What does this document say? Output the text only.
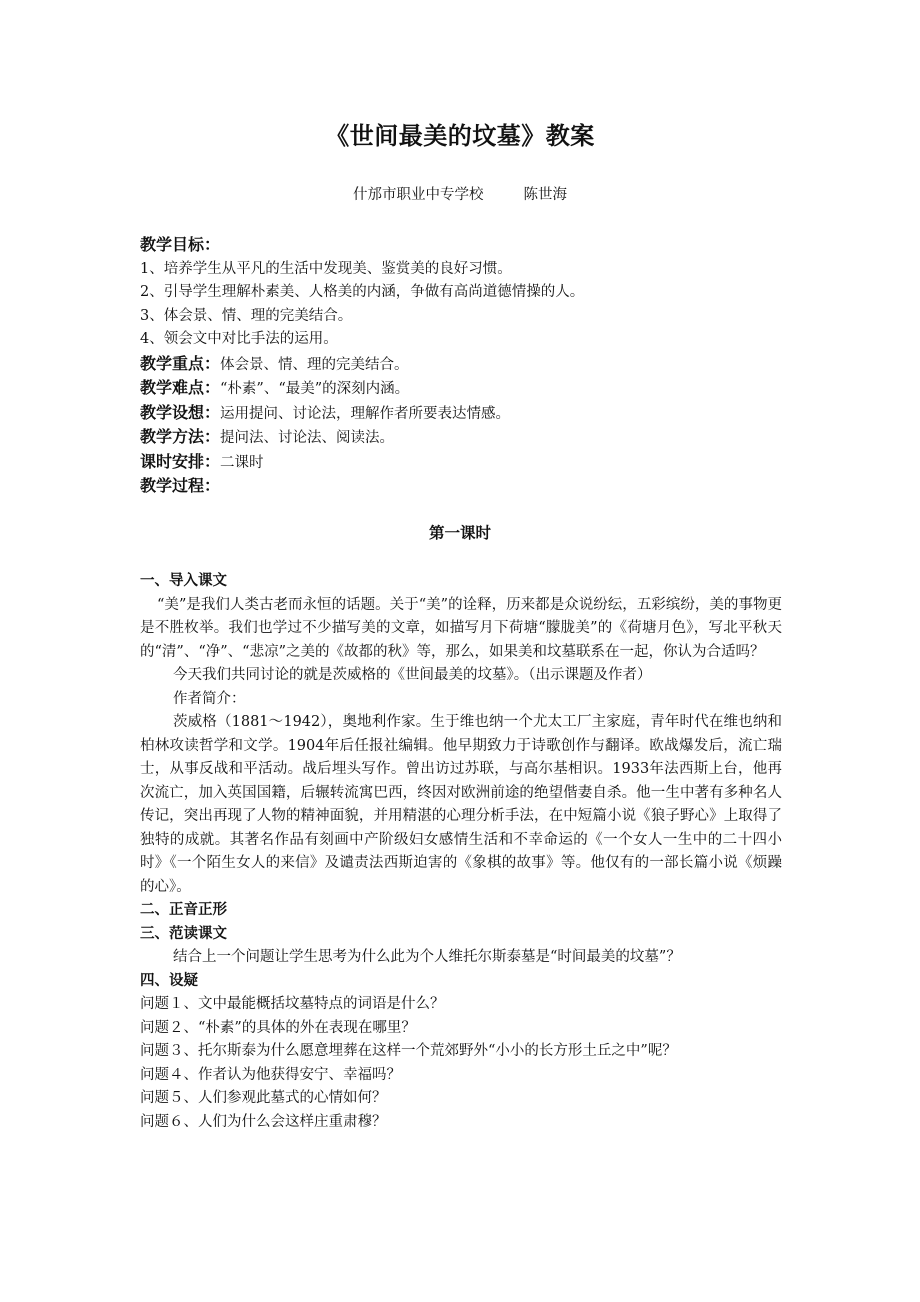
《世间最美的坟墓》教案
什邡市职业中专学校	陈世海
教学目标：
1、培养学生从平凡的生活中发现美、鉴赏美的良好习惯。
2、引导学生理解朴素美、人格美的内涵，争做有高尚道德情操的人。
3、体会景、情、理的完美结合。
4、领会文中对比手法的运用。
教学重点：体会景、情、理的完美结合。
教学难点：“朴素”、“最美”的深刻内涵。
教学设想：运用提问、讨论法，理解作者所要表达情感。
教学方法：提问法、讨论法、阅读法。
课时安排：二课时
教学过程：
第一课时
一、导入课文

“美”是我们人类古老而永恒的话题。关于“美”的诠释，历来都是众说纷纭，五彩缤纷，美的事物更是不胜枚举。我们也学过不少描写美的文章，如描写月下荷塘“朦胧美”的《荷塘月色》，写北平秋天的“清”、“净”、“悲凉”之美的《故都的秋》等，那么，如果美和坟墓联系在一起，你认为合适吗？

今天我们共同讨论的就是茨威格的《世间最美的坟墓》。（出示课题及作者）

作者简介：

茨威格（1881～1942），奥地利作家。生于维也纳一个尤太工厂主家庭，青年时代在维也纳和柏林攻读哲学和文学。1904年后任报社编辑。他早期致力于诗歌创作与翻译。欧战爆发后，流亡瑞士，从事反战和平活动。战后埋头写作。曾出访过苏联，与高尔基相识。1933年法西斯上台，他再次流亡，加入英国国籍，后辗转流寓巴西，终因对欧洲前途的绝望偕妻自杀。他一生中著有多种名人传记，突出再现了人物的精神面貌，并用精湛的心理分析手法，在中短篇小说《狼子野心》上取得了独特的成就。其著名作品有刻画中产阶级妇女感情生活和不幸命运的《一个女人一生中的二十四小时》《一个陌生女人的来信》及谴责法西斯迫害的《象棋的故事》等。他仅有的一部长篇小说《烦躁的心》。

二、正音正形
三、范读课文

结合上一个问题让学生思考为什么此为个人维托尔斯泰墓是“时间最美的坟墓”？

四、设疑
问题１、文中最能概括坟墓特点的词语是什么？
问题２、“朴素”的具体的外在表现在哪里？
问题３、托尔斯泰为什么愿意埋葬在这样一个荒郊野外“小小的长方形土丘之中”呢？
问题４、作者认为他获得安宁、幸福吗？
问题５、人们参观此墓式的心情如何？
问题６、人们为什么会这样庄重肃穆？
